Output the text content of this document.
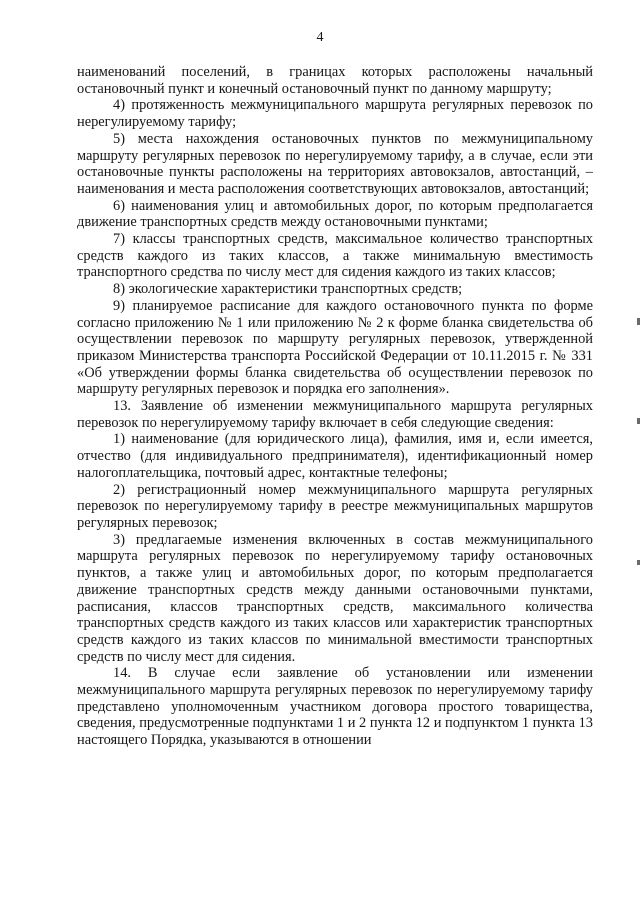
4

наименований поселений, в границах которых расположены начальный остановочный пункт и конечный остановочный пункт по данному маршруту;

4) протяженность межмуниципального маршрута регулярных перевозок по нерегулируемому тарифу;

5) места нахождения остановочных пунктов по межмуниципальному маршруту регулярных перевозок по нерегулируемому тарифу, а в случае, если эти остановочные пункты расположены на территориях автовокзалов, автостанций, – наименования и места расположения соответствующих автовокзалов, автостанций;

6) наименования улиц и автомобильных дорог, по которым предполагается движение транспортных средств между остановочными пунктами;

7) классы транспортных средств, максимальное количество транспортных средств каждого из таких классов, а также минимальную вместимость транспортного средства по числу мест для сидения каждого из таких классов;

8) экологические характеристики транспортных средств;

9) планируемое расписание для каждого остановочного пункта по форме согласно приложению № 1 или приложению № 2 к форме бланка свидетельства об осуществлении перевозок по маршруту регулярных перевозок, утвержденной приказом Министерства транспорта Российской Федерации от 10.11.2015 г. № 331 «Об утверждении формы бланка свидетельства об осуществлении перевозок по маршруту регулярных перевозок и порядка его заполнения».

13. Заявление об изменении межмуниципального маршрута регулярных перевозок по нерегулируемому тарифу включает в себя следующие сведения:

1) наименование (для юридического лица), фамилия, имя и, если имеется, отчество (для индивидуального предпринимателя), идентификационный номер налогоплательщика, почтовый адрес, контактные телефоны;

2) регистрационный номер межмуниципального маршрута регулярных перевозок по нерегулируемому тарифу в реестре межмуниципальных маршрутов регулярных перевозок;

3) предлагаемые изменения включенных в состав межмуниципального маршрута регулярных перевозок по нерегулируемому тарифу остановочных пунктов, а также улиц и автомобильных дорог, по которым предполагается движение транспортных средств между данными остановочными пунктами, расписания, классов транспортных средств, максимального количества транспортных средств каждого из таких классов или характеристик транспортных средств каждого из таких классов по минимальной вместимости транспортных средств по числу мест для сидения.

14. В случае если заявление об установлении или изменении межмуниципального маршрута регулярных перевозок по нерегулируемому тарифу представлено уполномоченным участником договора простого товарищества, сведения, предусмотренные подпунктами 1 и 2 пункта 12 и подпунктом 1 пункта 13 настоящего Порядка, указываются в отношении
